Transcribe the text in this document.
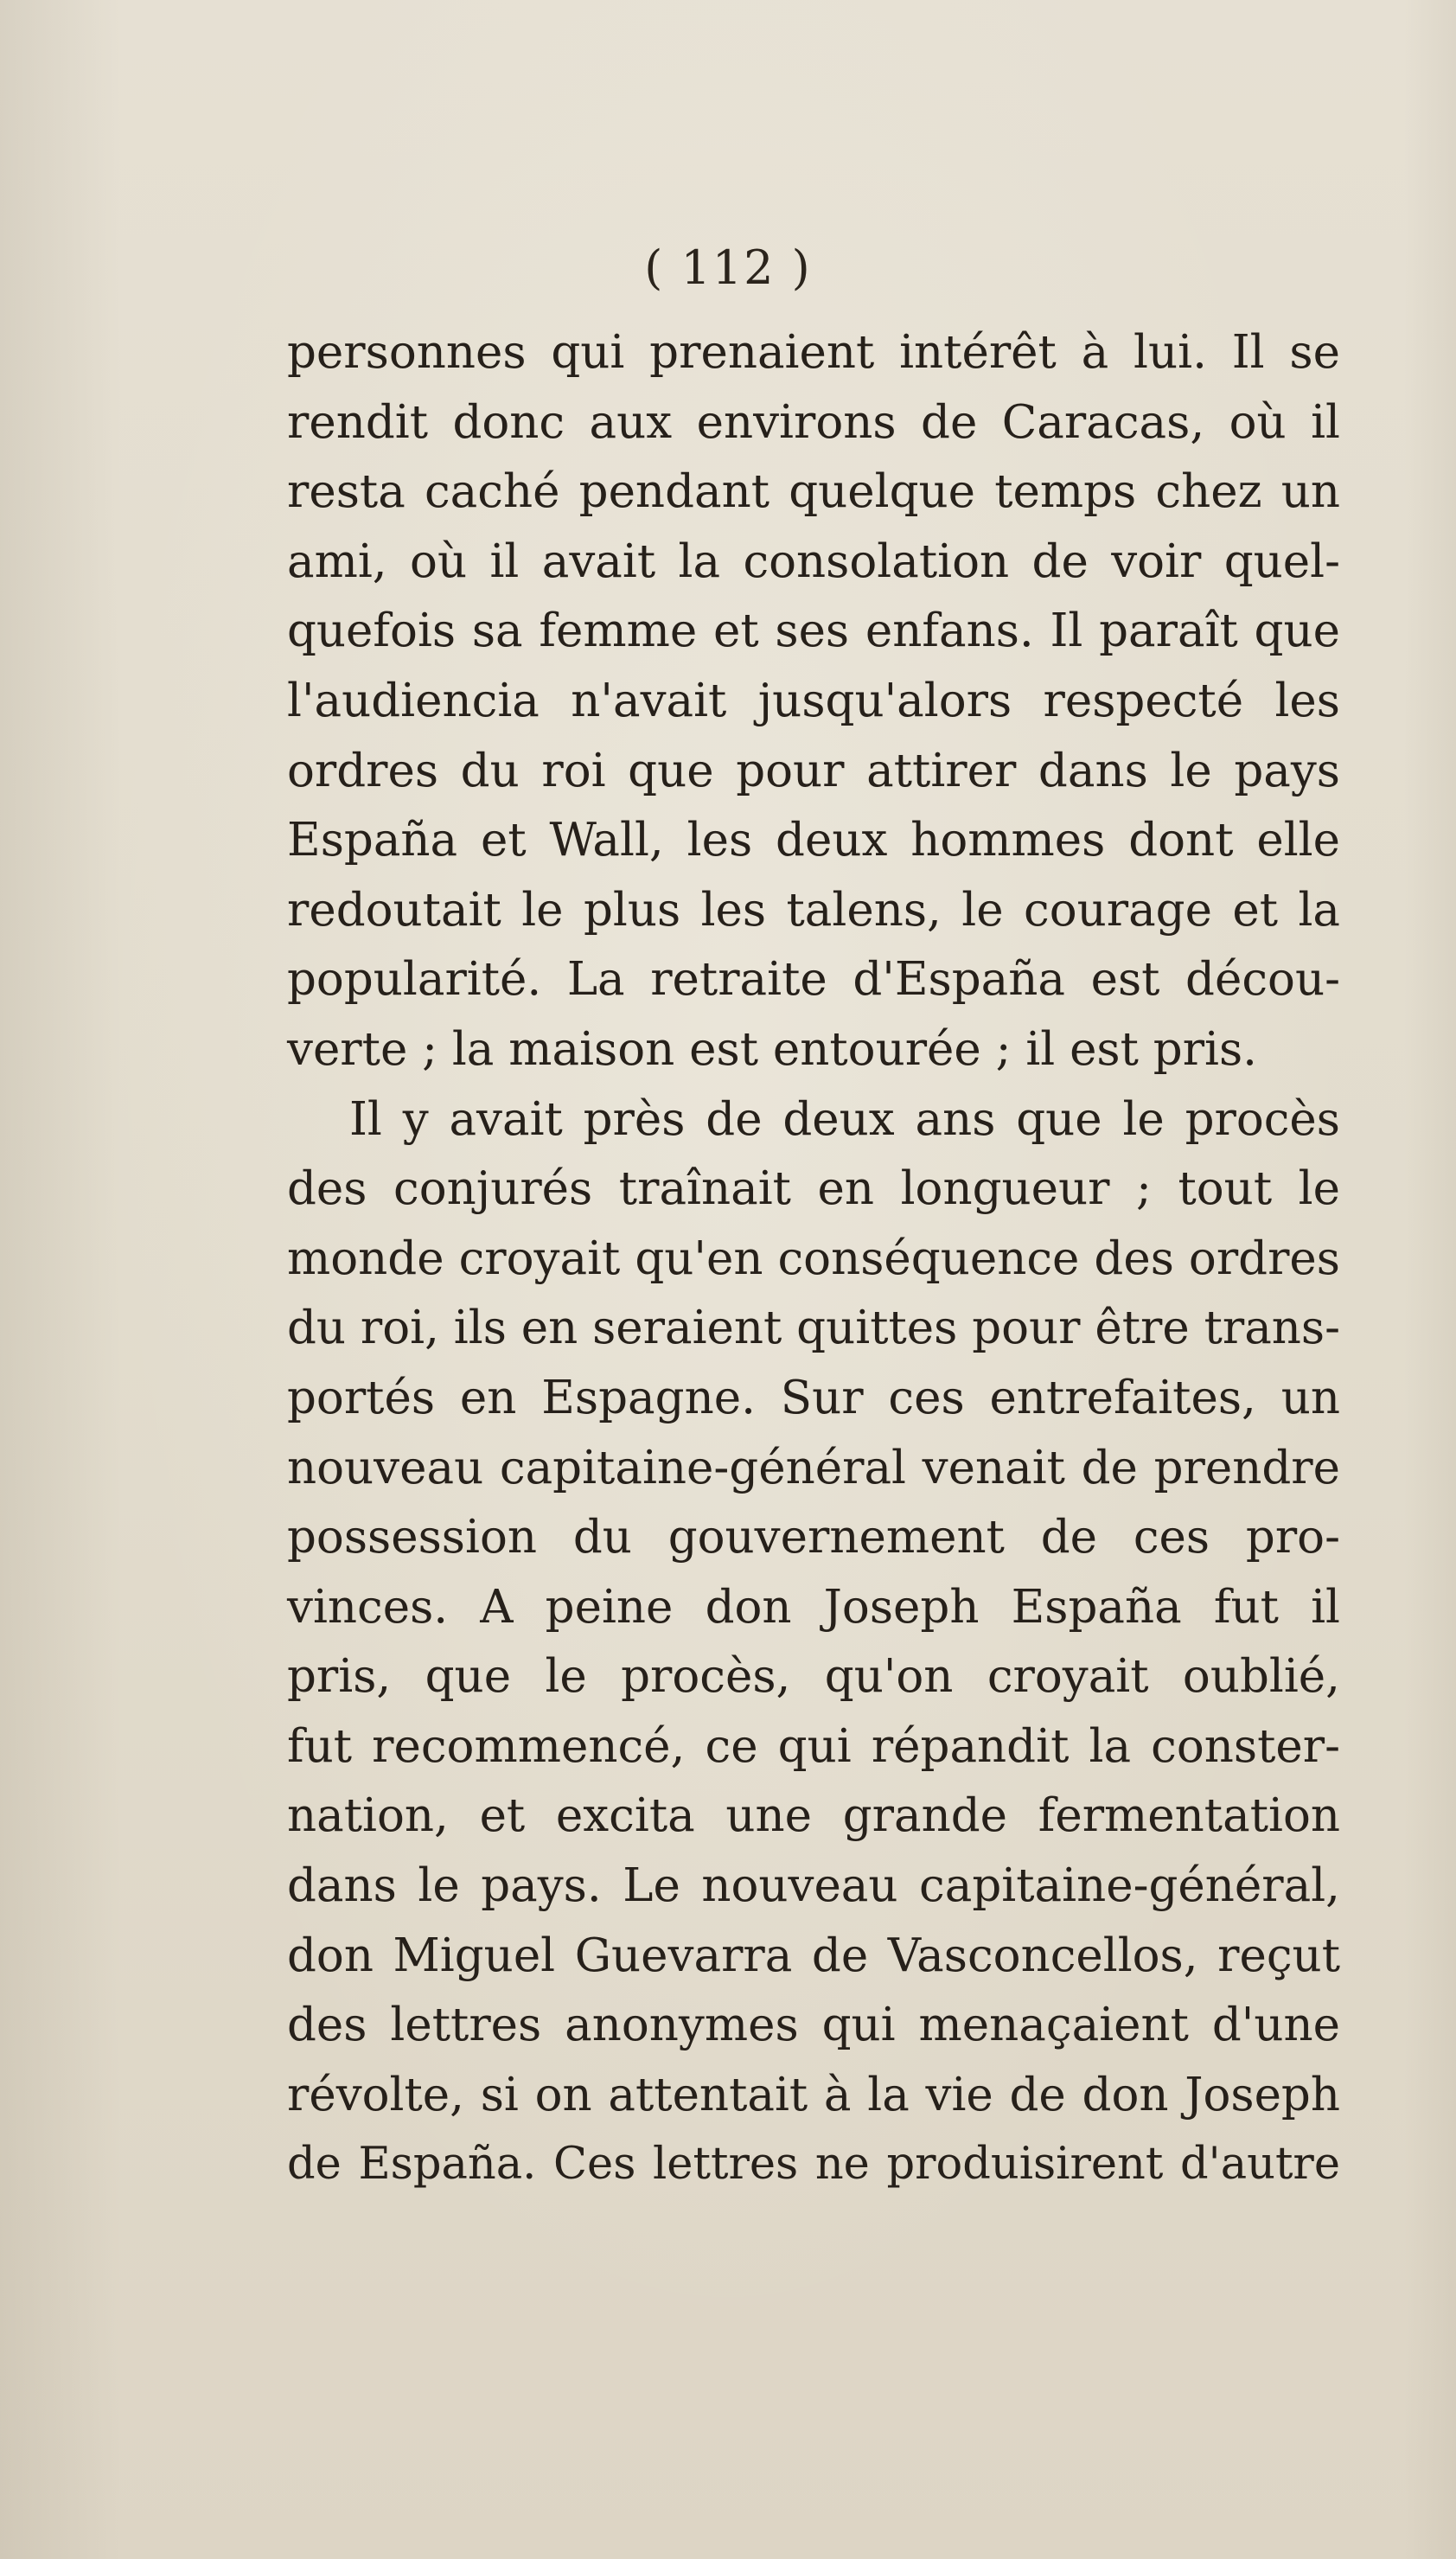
( 112 )
personnes qui prenaient intérêt à lui. Il se
rendit donc aux environs de Caracas, où il
resta caché pendant quelque temps chez un
ami, où il avait la consolation de voir quel-
quefois sa femme et ses enfans. Il paraît que
l'audiencia n'avait jusqu'alors respecté les
ordres du roi que pour attirer dans le pays
España et Wall, les deux hommes dont elle
redoutait le plus les talens, le courage et la
popularité. La retraite d'España est décou-
verte ; la maison est entourée ; il est pris.
Il y avait près de deux ans que le procès
des conjurés traînait en longueur ; tout le
monde croyait qu'en conséquence des ordres
du roi, ils en seraient quittes pour être trans-
portés en Espagne. Sur ces entrefaites, un
nouveau capitaine-général venait de prendre
possession du gouvernement de ces pro-
vinces. A peine don Joseph España fut il
pris, que le procès, qu'on croyait oublié,
fut recommencé, ce qui répandit la conster-
nation, et excita une grande fermentation
dans le pays. Le nouveau capitaine-général,
don Miguel Guevarra de Vasconcellos, reçut
des lettres anonymes qui menaçaient d'une
révolte, si on attentait à la vie de don Joseph
de España. Ces lettres ne produisirent d'autre
